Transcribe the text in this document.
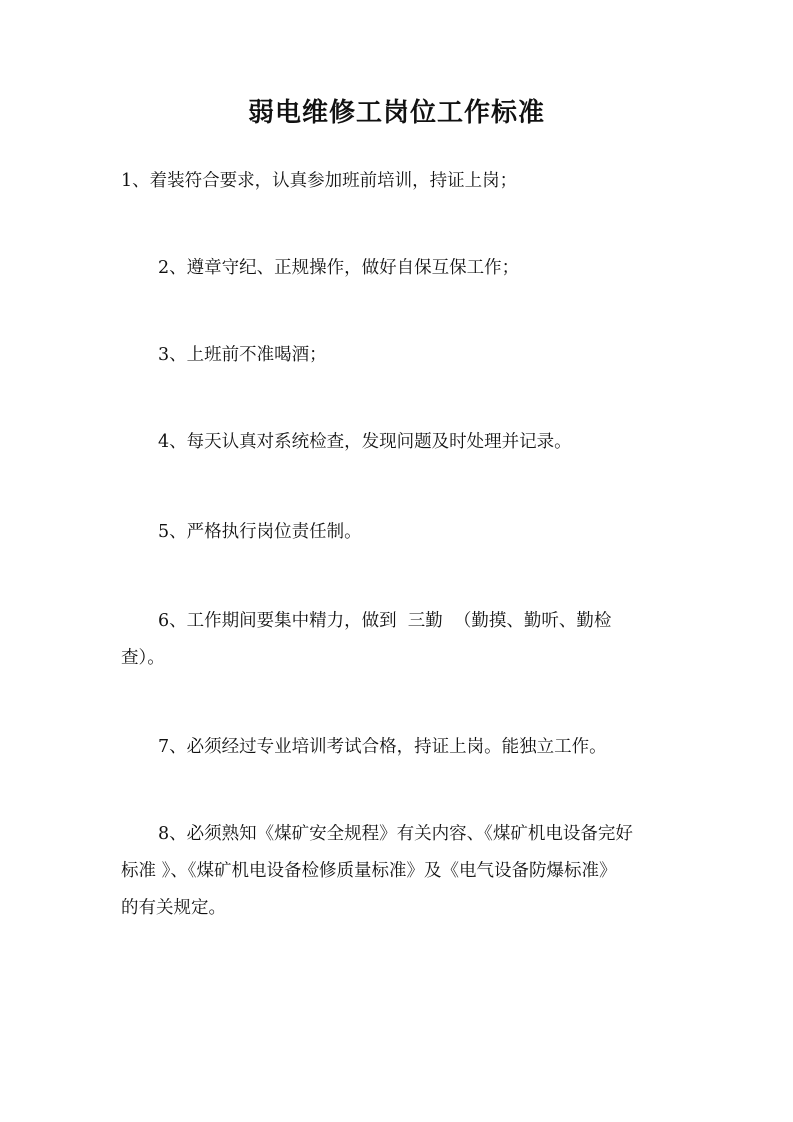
弱电维修工岗位工作标准

1、着装符合要求，认真参加班前培训，持证上岗；

2、遵章守纪、正规操作，做好自保互保工作；

3、上班前不准喝酒；

4、每天认真对系统检查，发现问题及时处理并记录。

5、严格执行岗位责任制。

6、工作期间要集中精力，做到  三勤  （勤摸、勤听、勤检
查）。

7、必须经过专业培训考试合格，持证上岗。能独立工作。

8、必须熟知《煤矿安全规程》有关内容、《煤矿机电设备完好
标准 》、《煤矿机电设备检修质量标准》及《电气设备防爆标准》
的有关规定。
